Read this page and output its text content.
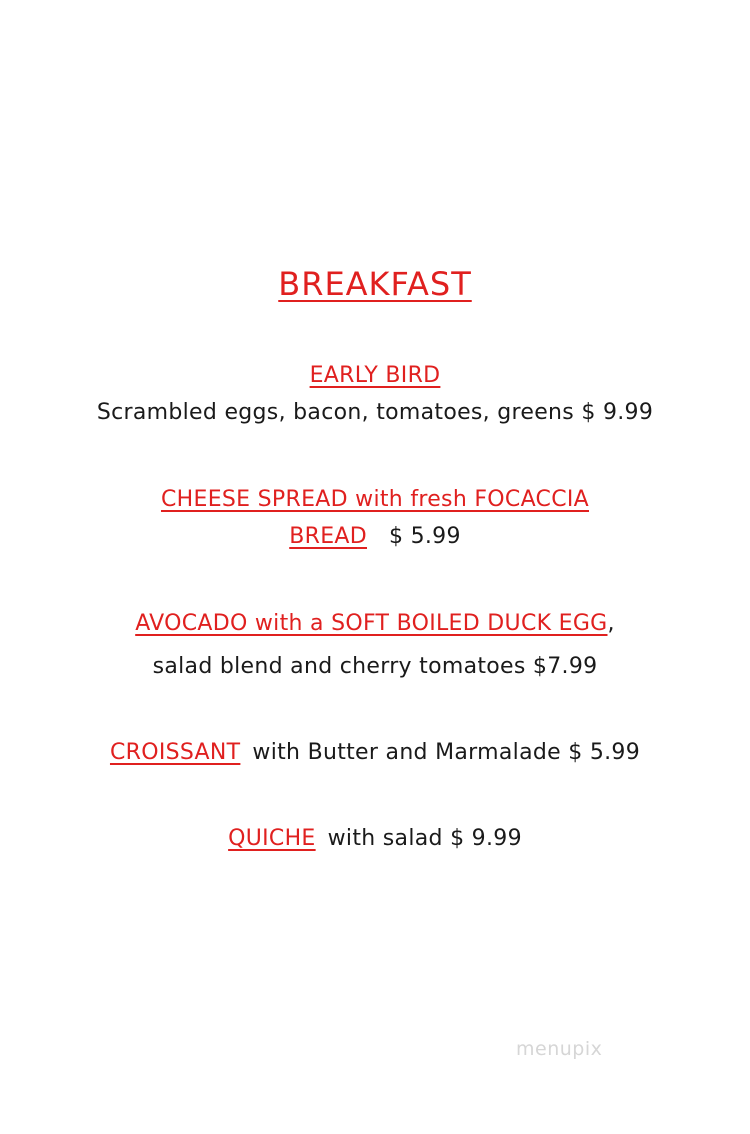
BREAKFAST
EARLY BIRD
Scrambled eggs, bacon, tomatoes, greens $ 9.99
CHEESE SPREAD with fresh FOCACCIA
BREAD $ 5.99
AVOCADO with a SOFT BOILED DUCK EGG,
salad blend and cherry tomatoes $7.99
CROISSANT with Butter and Marmalade $ 5.99
QUICHE with salad $ 9.99
menupix
